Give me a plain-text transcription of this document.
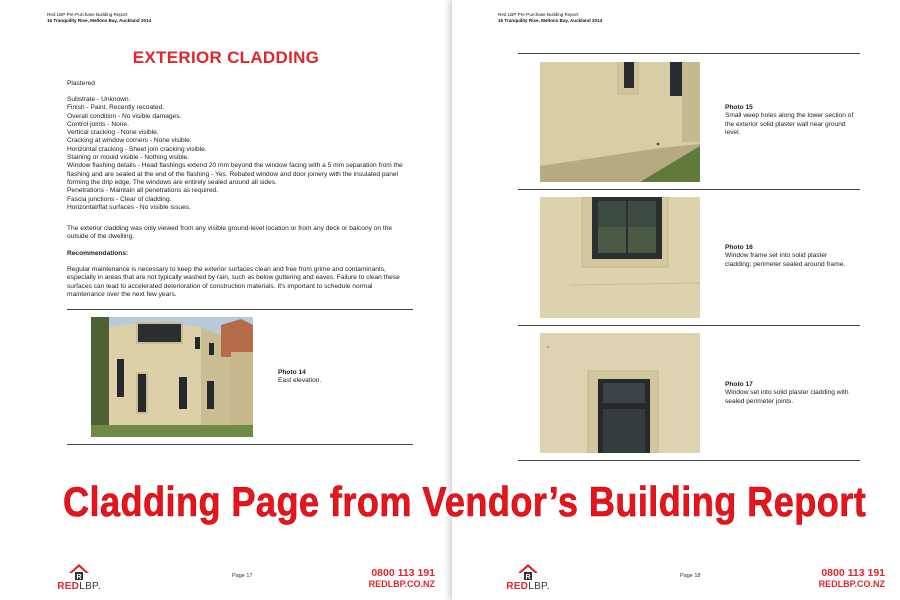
Red LBP Pre-Purchase Building Report
16 Tranquility Rise, Mellons Bay, Auckland 2014
EXTERIOR CLADDING
Plastered

Substrate - Unknown.

Finish - Paint. Recently recoated.

Overall condition - No visible damages.

Control joints - None.

Vertical cracking - None visible.

Cracking at window corners - None visible.

Horizontal cracking - Sheet join cracking visible.

Staining or mould visible - Nothing visible.

Window flashing details - Head flashings extend 20 mm beyond the window facing with a 5 mm separation from the flashing and are sealed at the end of the flashing - Yes. Rebated window and door joinery with the insulated panel forming the drip edge. The windows are entirely sealed around all sides.

Penetrations - Maintain all penetrations as required.

Fascia junctions - Clear of cladding.

Horizontal/flat surfaces - No visible issues.

The exterior cladding was only viewed from any visible ground-level location or from any deck or balcony on the outside of the dwelling.
Recommendations:
Regular maintenance is necessary to keep the exterior surfaces clean and free from grime and contaminants, especially in areas that are not typically washed by rain, such as below guttering and eaves. Failure to clean these surfaces can lead to accelerated deterioration of construction materials. It's important to schedule normal maintenance over the next few years.
Photo 14
East elevation.
R
REDLBP.
Page 17	0800 113 191
REDLBP.CO.NZ
Red LBP Pre-Purchase Building Report
16 Tranquility Rise, Mellons Bay, Auckland 2014
Photo 15
Small weep holes along the lower section of the exterior solid plaster wall near ground level.
Photo 16
Window frame set into solid plaster cladding; perimeter sealed around frame.
Photo 17
Window set into solid plaster cladding with sealed perimeter joints.
R
REDLBP.
Page 18	0800 113 191
REDLBP.CO.NZ
Cladding Page from Vendor’s Building Report
